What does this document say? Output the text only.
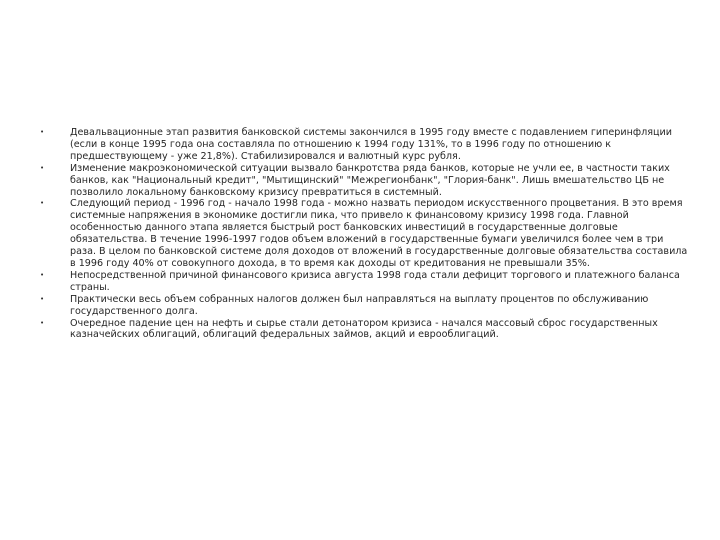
•	Девальвационные этап развития банковской системы закончился в 1995 году вместе с подавлением гиперинфляции (если в конце 1995 года она составляла по отношению к 1994 году 131%, то в 1996 году по отношению к предшествующему - уже 21,8%). Стабилизировался и валютный курс рубля.
•	Изменение макроэкономической ситуации вызвало банкротства ряда банков, которые не учли ее, в частности таких банков, как "Национальный кредит", "Мытищинский" "Межрегионбанк", "Глория-банк". Лишь вмешательство ЦБ не позволило локальному банковскому кризису превратиться в системный.
•	Следующий период - 1996 год - начало 1998 года - можно назвать периодом искусственного процветания. В это время системные напряжения в экономике достигли пика, что привело к финансовому кризису 1998 года. Главной особенностью данного этапа является быстрый рост банковских инвестиций в государственные долговые обязательства. В течение 1996-1997 годов объем вложений в государственные бумаги увеличился более чем в три раза. В целом по банковской системе доля доходов от вложений в государственные долговые обязательства составила в 1996 году 40% от совокупного дохода, в то время как доходы от кредитования не превышали 35%.
•	Непосредственной причиной финансового кризиса августа 1998 года стали дефицит торгового и платежного баланса страны.
•	Практически весь объем собранных налогов должен был направляться на выплату процентов по обслуживанию государственного долга.
•	Очередное падение цен на нефть и сырье стали детонатором кризиса - начался массовый сброс государственных казначейских облигаций, облигаций федеральных займов, акций и еврооблигаций.
